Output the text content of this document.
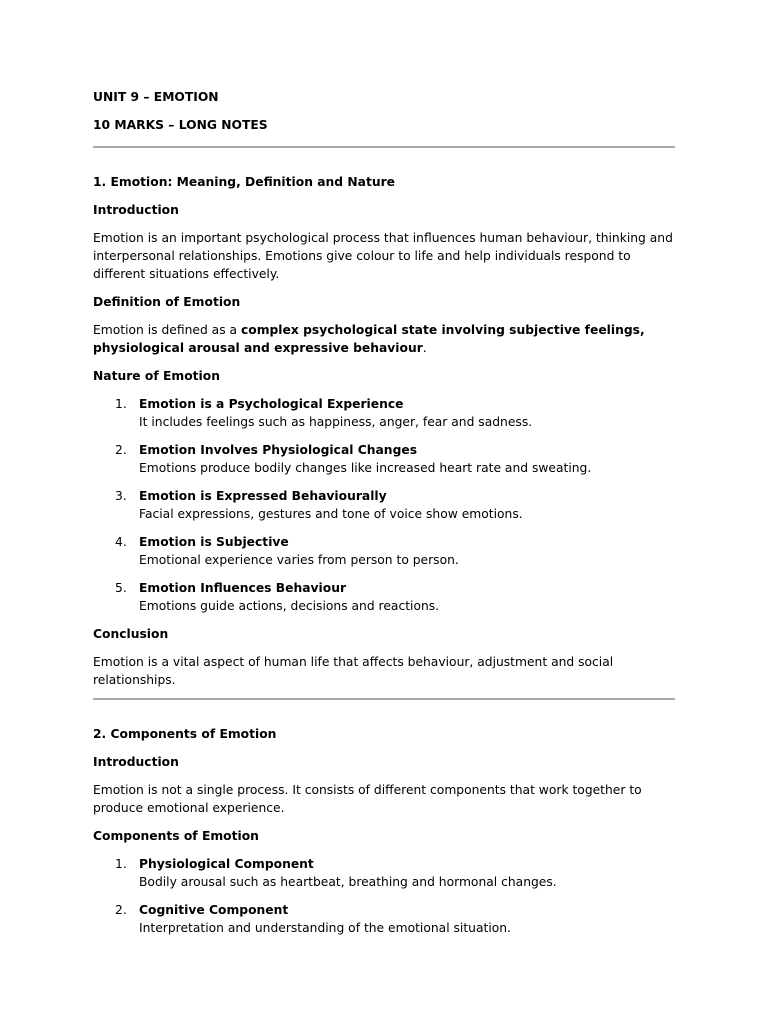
UNIT 9 – EMOTION

10 MARKS – LONG NOTES

1. Emotion: Meaning, Definition and Nature

Introduction

Emotion is an important psychological process that influences human behaviour, thinking and interpersonal relationships. Emotions give colour to life and help individuals respond to different situations effectively.

Definition of Emotion

Emotion is defined as a complex psychological state involving subjective feelings, physiological arousal and expressive behaviour.

Nature of Emotion

1. Emotion is a Psychological Experience
It includes feelings such as happiness, anger, fear and sadness.
2. Emotion Involves Physiological Changes
Emotions produce bodily changes like increased heart rate and sweating.
3. Emotion is Expressed Behaviourally
Facial expressions, gestures and tone of voice show emotions.
4. Emotion is Subjective
Emotional experience varies from person to person.
5. Emotion Influences Behaviour
Emotions guide actions, decisions and reactions.

Conclusion

Emotion is a vital aspect of human life that affects behaviour, adjustment and social relationships.

2. Components of Emotion

Introduction

Emotion is not a single process. It consists of different components that work together to produce emotional experience.

Components of Emotion

1. Physiological Component
Bodily arousal such as heartbeat, breathing and hormonal changes.
2. Cognitive Component
Interpretation and understanding of the emotional situation.
